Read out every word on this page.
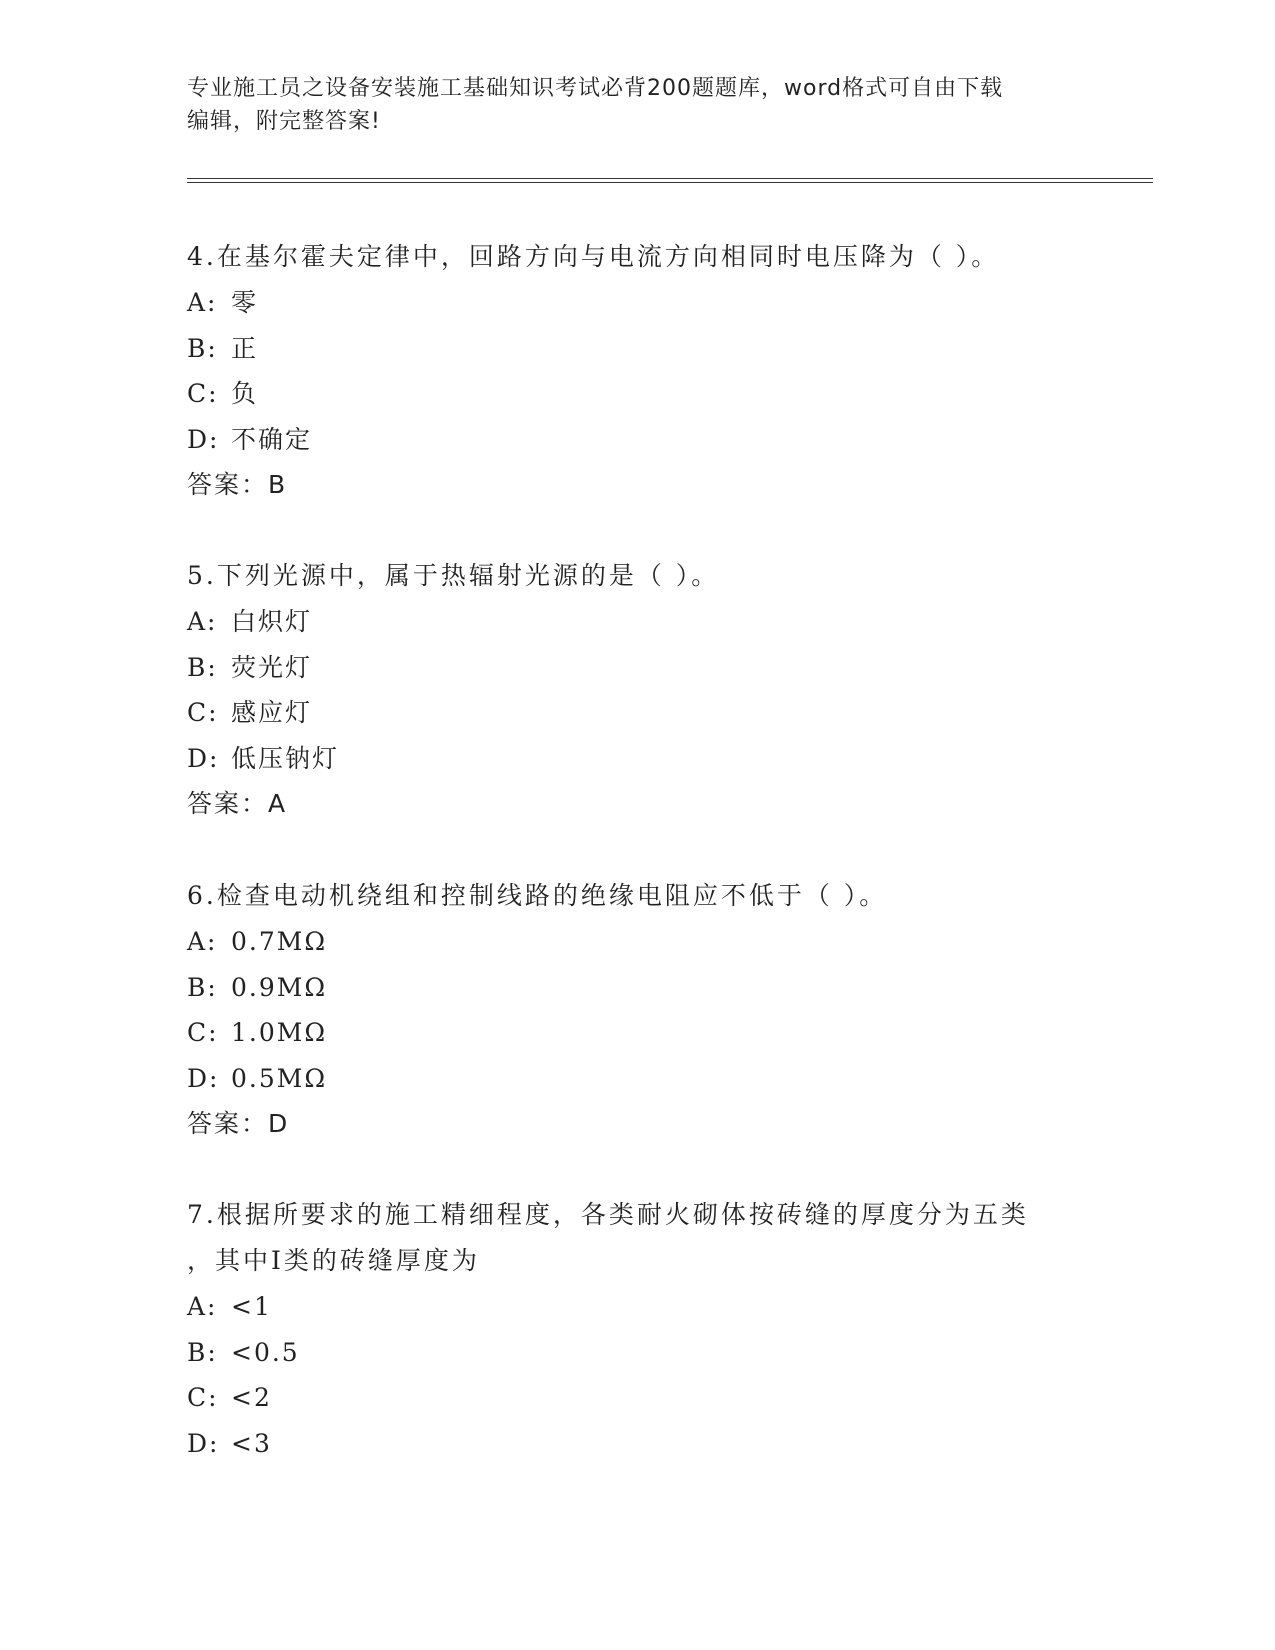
专业施工员之设备安装施工基础知识考试必背200题题库，word格式可自由下载
编辑，附完整答案!

4.在基尔霍夫定律中，回路方向与电流方向相同时电压降为（ ）。

A: 零

B: 正

C: 负

D: 不确定

答案：B

5.下列光源中，属于热辐射光源的是（ ）。

A: 白炽灯

B: 荧光灯

C: 感应灯

D: 低压钠灯

答案：A

6.检查电动机绕组和控制线路的绝缘电阻应不低于（ ）。

A: 0.7MΩ

B: 0.9MΩ

C: 1.0MΩ

D: 0.5MΩ

答案：D

7.根据所要求的施工精细程度，各类耐火砌体按砖缝的厚度分为五类

，其中Ⅰ类的砖缝厚度为

A: <1

B: <0.5

C: <2

D: <3
